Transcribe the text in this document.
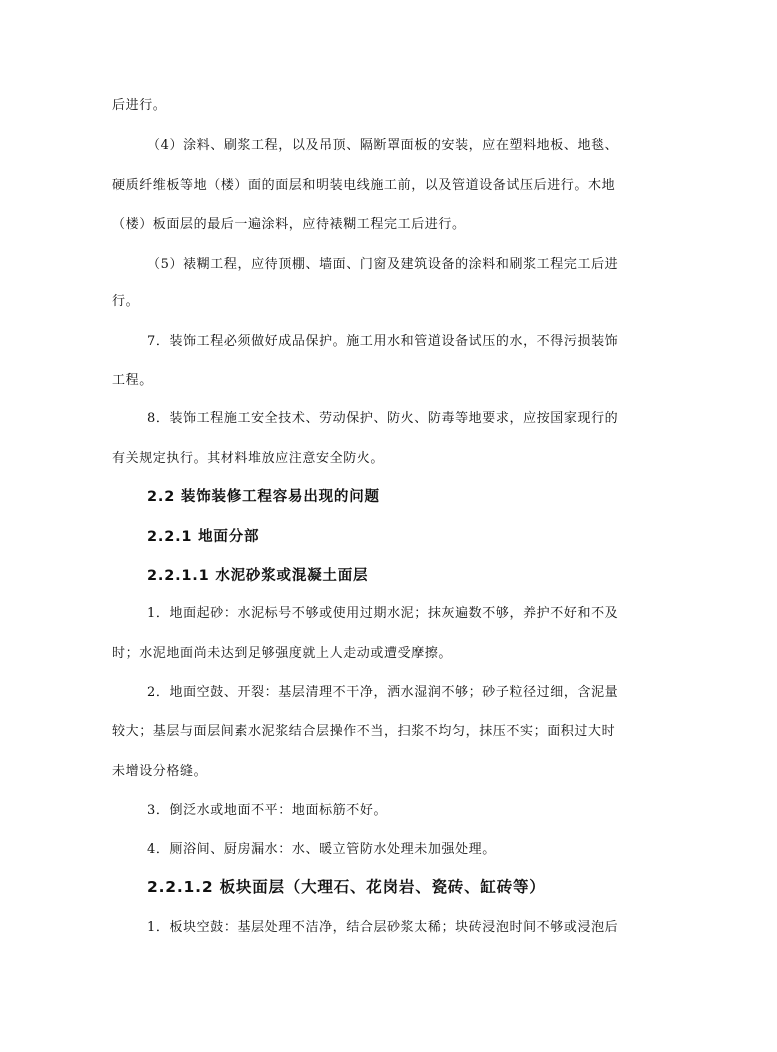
后进行。
（4）涂料、刷浆工程，以及吊顶、隔断罩面板的安装，应在塑料地板、地毯、
硬质纤维板等地（楼）面的面层和明装电线施工前，以及管道设备试压后进行。木地
（楼）板面层的最后一遍涂料，应待裱糊工程完工后进行。
（5）裱糊工程，应待顶棚、墙面、门窗及建筑设备的涂料和刷浆工程完工后进
行。
7．装饰工程必须做好成品保护。施工用水和管道设备试压的水，不得污损装饰
工程。
8．装饰工程施工安全技术、劳动保护、防火、防毒等地要求，应按国家现行的
有关规定执行。其材料堆放应注意安全防火。
2.2 装饰装修工程容易出现的问题
2.2.1 地面分部
2.2.1.1 水泥砂浆或混凝土面层
1．地面起砂：水泥标号不够或使用过期水泥；抹灰遍数不够，养护不好和不及
时；水泥地面尚未达到足够强度就上人走动或遭受摩擦。
2．地面空鼓、开裂：基层清理不干净，洒水湿润不够；砂子粒径过细，含泥量
较大；基层与面层间素水泥浆结合层操作不当，扫浆不均匀，抹压不实；面积过大时
未增设分格缝。
3．倒泛水或地面不平：地面标筋不好。
4．厕浴间、厨房漏水：水、暖立管防水处理未加强处理。
2.2.1.2 板块面层（大理石、花岗岩、瓷砖、缸砖等）
1．板块空鼓：基层处理不洁净，结合层砂浆太稀；块砖浸泡时间不够或浸泡后
